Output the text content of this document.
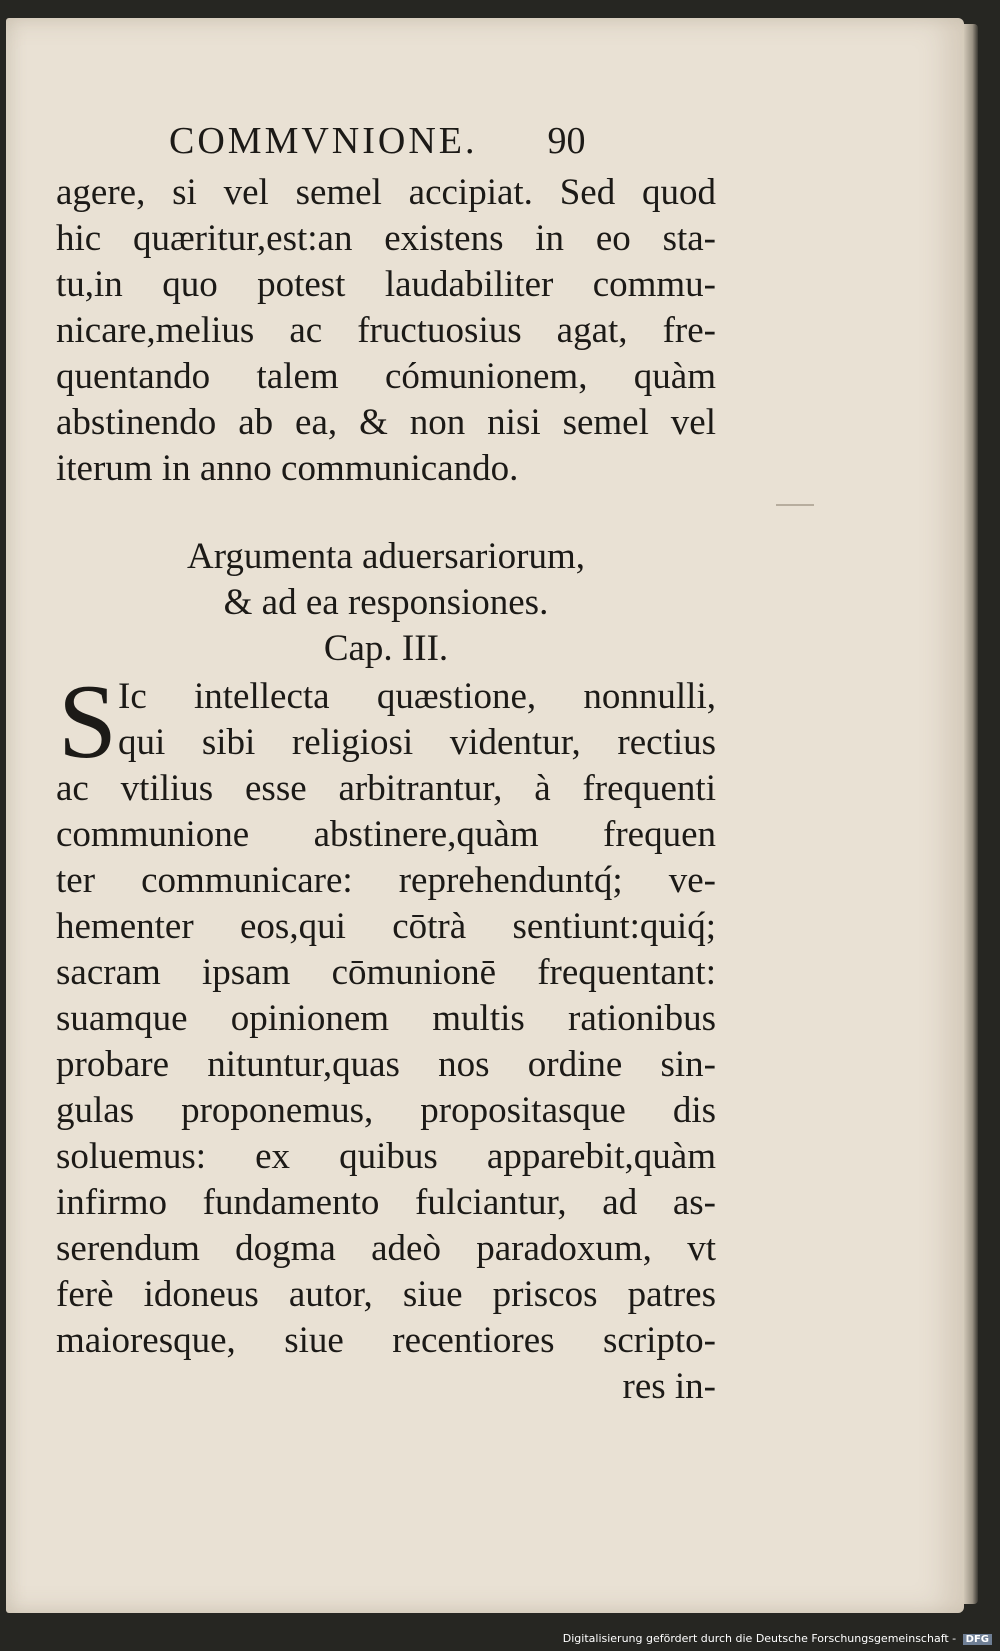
COMMVNIONE. 90
agere, si vel semel accipiat. Sed quod
hic quæritur,est:an existens in eo sta-
tu,in quo potest laudabiliter commu-
nicare,melius ac fructuosius agat, fre-
quentando talem cómunionem, quàm
abstinendo ab ea, & non nisi semel vel
iterum in anno communicando.
Argumenta aduersariorum,
& ad ea responsiones.
Cap. III.
S Ic intellecta quæstione, nonnulli,
qui sibi religiosi videntur, rectius
ac vtilius esse arbitrantur, à frequenti
communione abstinere,quàm frequen
ter communicare: reprehenduntq́; ve-
hementer eos,qui cōtrà sentiunt:quiq́;
sacram ipsam cōmunionē frequentant:
suamque opinionem multis rationibus
probare nituntur,quas nos ordine sin-
gulas proponemus, propositasque dis
soluemus: ex quibus apparebit,quàm
infirmo fundamento fulciantur, ad as-
serendum dogma adeò paradoxum, vt
ferè idoneus autor, siue priscos patres
maioresque, siue recentiores scripto-
res in-
Digitalisierung gefördert durch die Deutsche Forschungsgemeinschaft - DFG
